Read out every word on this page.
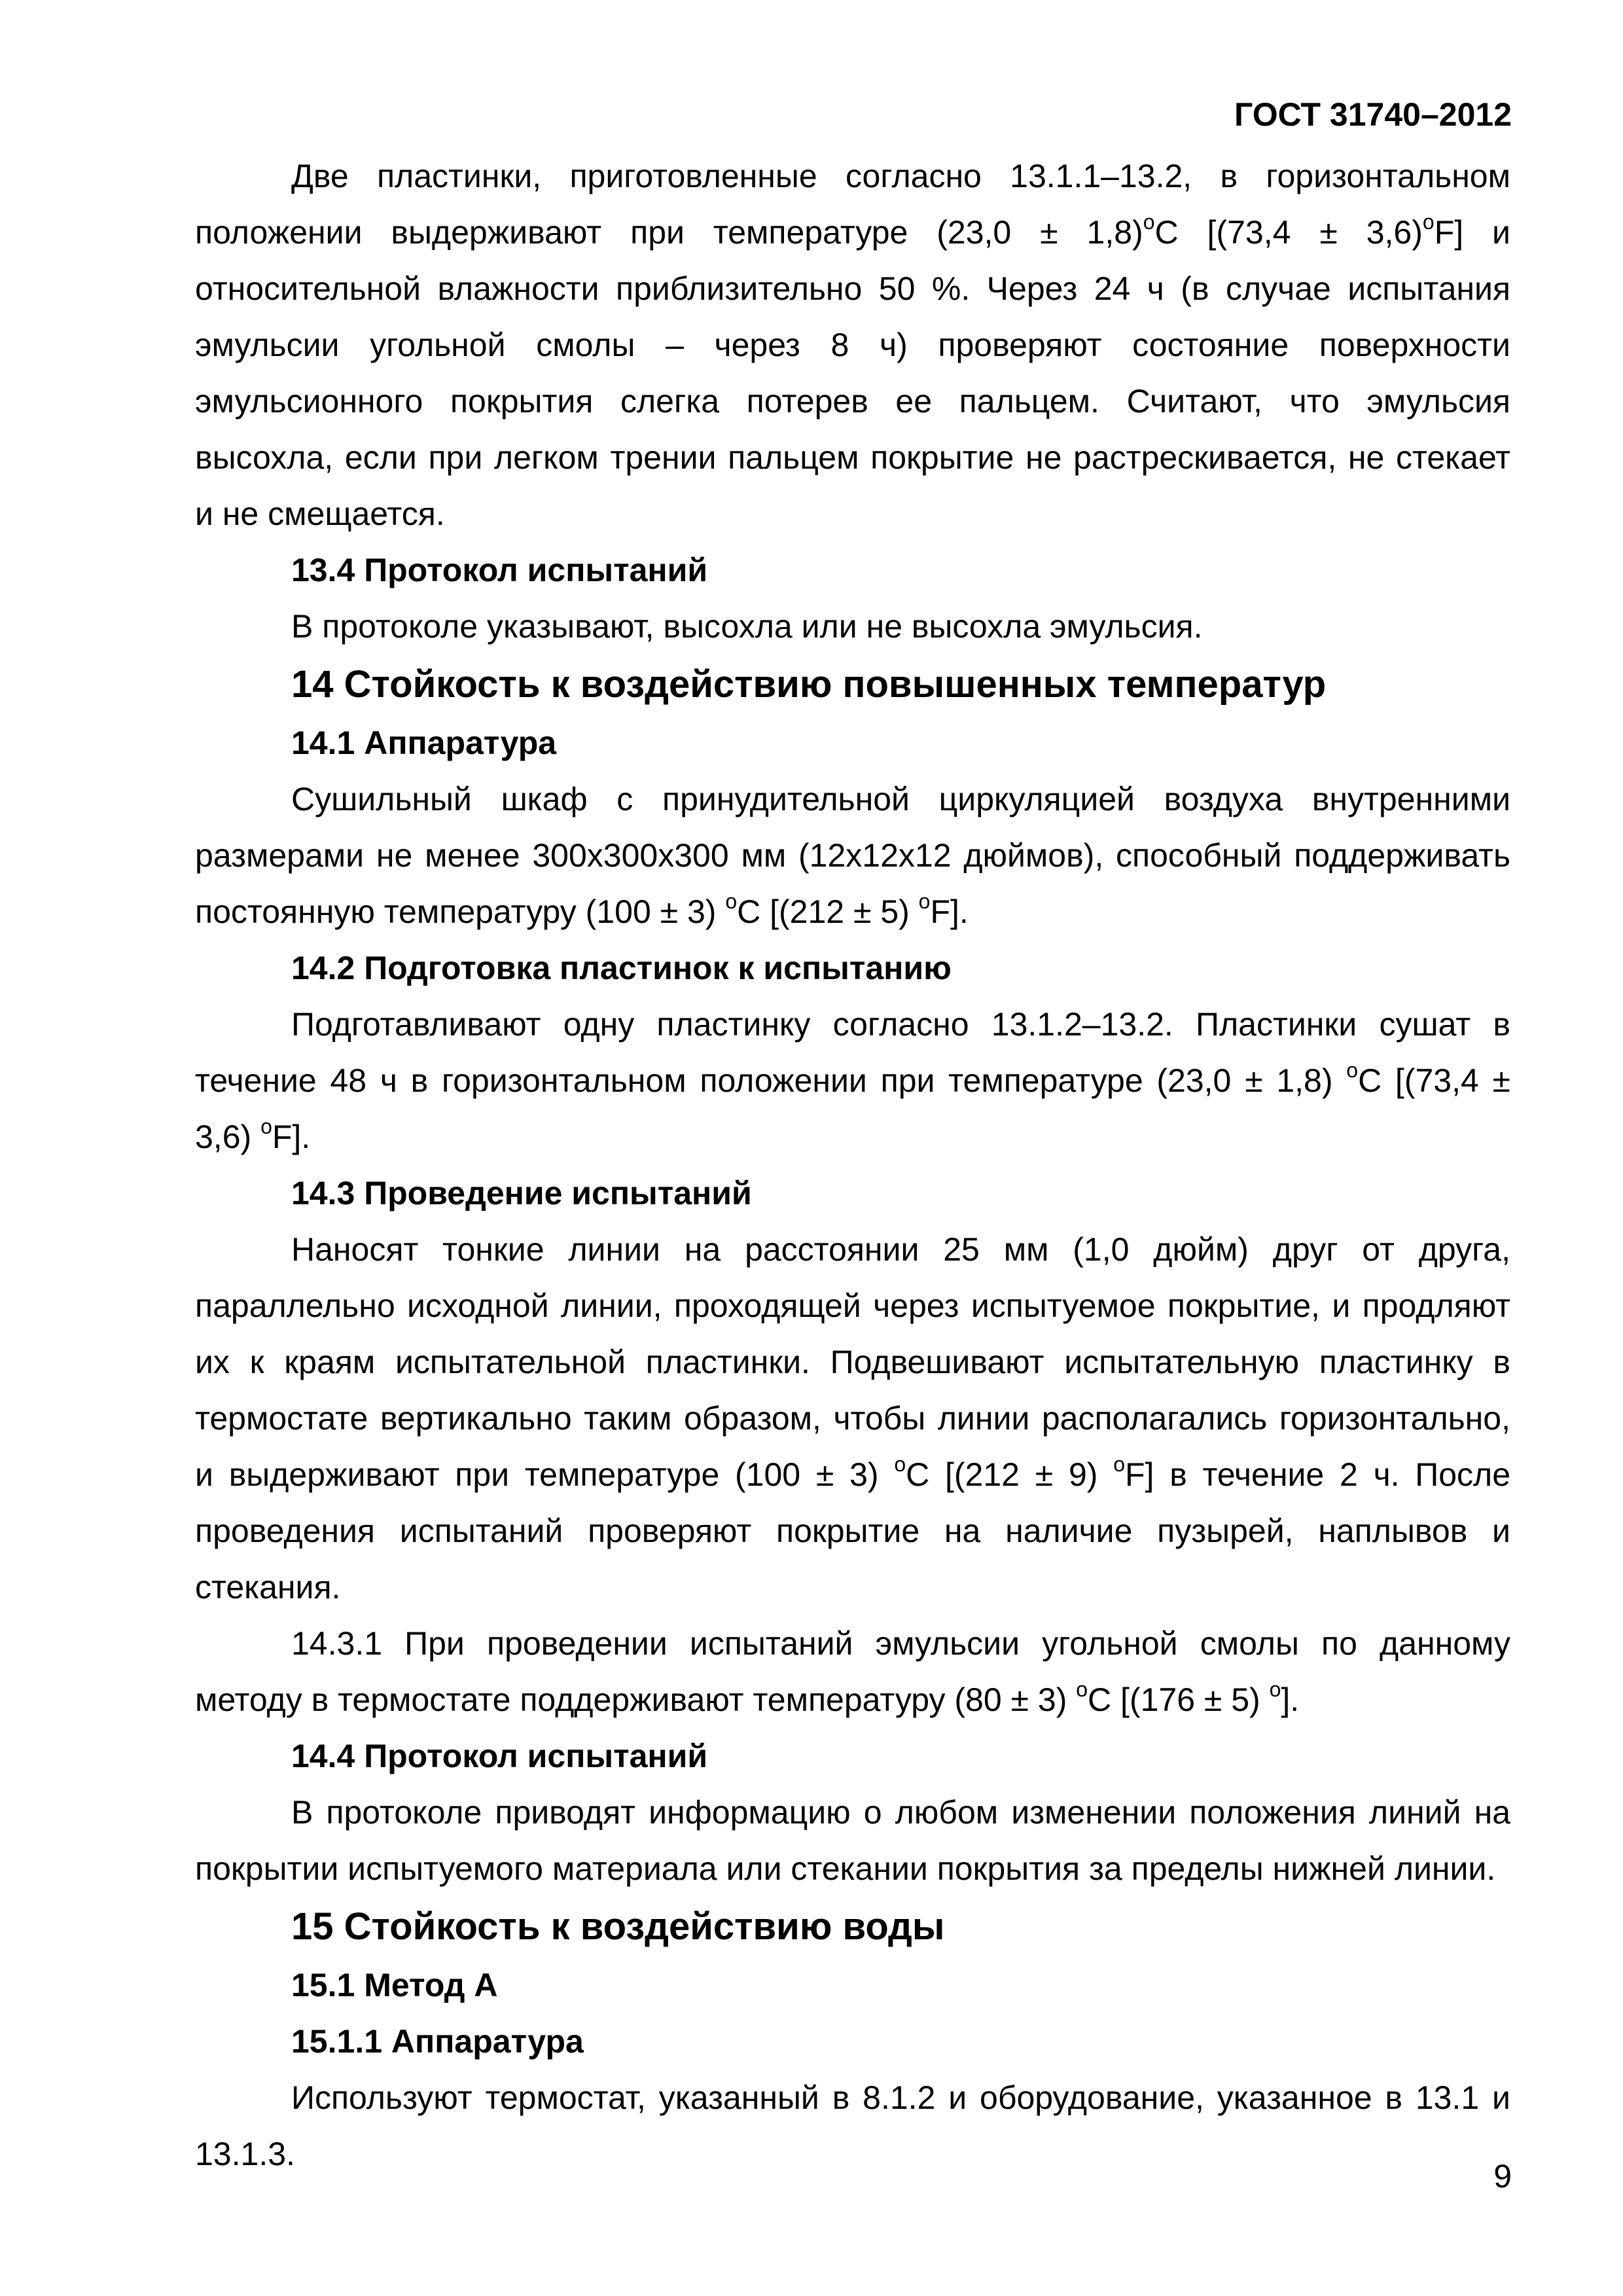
ГОСТ 31740–2012

Две пластинки, приготовленные согласно 13.1.1–13.2, в горизонтальном положении выдерживают при температуре $(23,0 \pm 1,8)^oС$ $[(73,4 \pm 3,6)^oF]$ и относительной влажности приблизительно 50 %. Через 24 ч (в случае испытания эмульсии угольной смолы – через 8 ч) проверяют состояние поверхности эмульсионного покрытия слегка потерев ее пальцем. Считают, что эмульсия высохла, если при легком трении пальцем покрытие не растрескивается, не стекает и не смещается.

13.4 Протокол испытаний

В протоколе указывают, высохла или не высохла эмульсия.

14 Стойкость к воздействию повышенных температур
14.1 Аппаратура

Сушильный шкаф с принудительной циркуляцией воздуха внутренними размерами не менее 300х300х300 мм (12х12х12 дюймов), способный поддерживать постоянную температуру (100 ± 3) $^o$С [(212 ± 5) $^o$F].

14.2 Подготовка пластинок к испытанию

Подготавливают одну пластинку согласно 13.1.2–13.2. Пластинки сушат в течение 48 ч в горизонтальном положении при температуре (23,0 ± 1,8) $^o$С [(73,4 ± 3,6) $^o$F].

14.3 Проведение испытаний

Наносят тонкие линии на расстоянии 25 мм (1,0 дюйм) друг от друга, параллельно исходной линии, проходящей через испытуемое покрытие, и продляют их к краям испытательной пластинки. Подвешивают испытательную пластинку в термостате вертикально таким образом, чтобы линии располагались горизонтально, и выдерживают при температуре (100 ± 3) $^o$С [(212 ± 9) $^o$F] в течение 2 ч. После проведения испытаний проверяют покрытие на наличие пузырей, наплывов и стекания.

14.3.1 При проведении испытаний эмульсии угольной смолы по данному методу в термостате поддерживают температуру (80 ± 3) $^o$С [(176 ± 5) $^o$].

14.4 Протокол испытаний

В протоколе приводят информацию о любом изменении положения линий на покрытии испытуемого материала или стекании покрытия за пределы нижней линии.

15 Стойкость к воздействию воды
15.1 Метод А
15.1.1 Аппаратура

Используют термостат, указанный в 8.1.2 и оборудование, указанное в 13.1 и 13.1.3.

9
